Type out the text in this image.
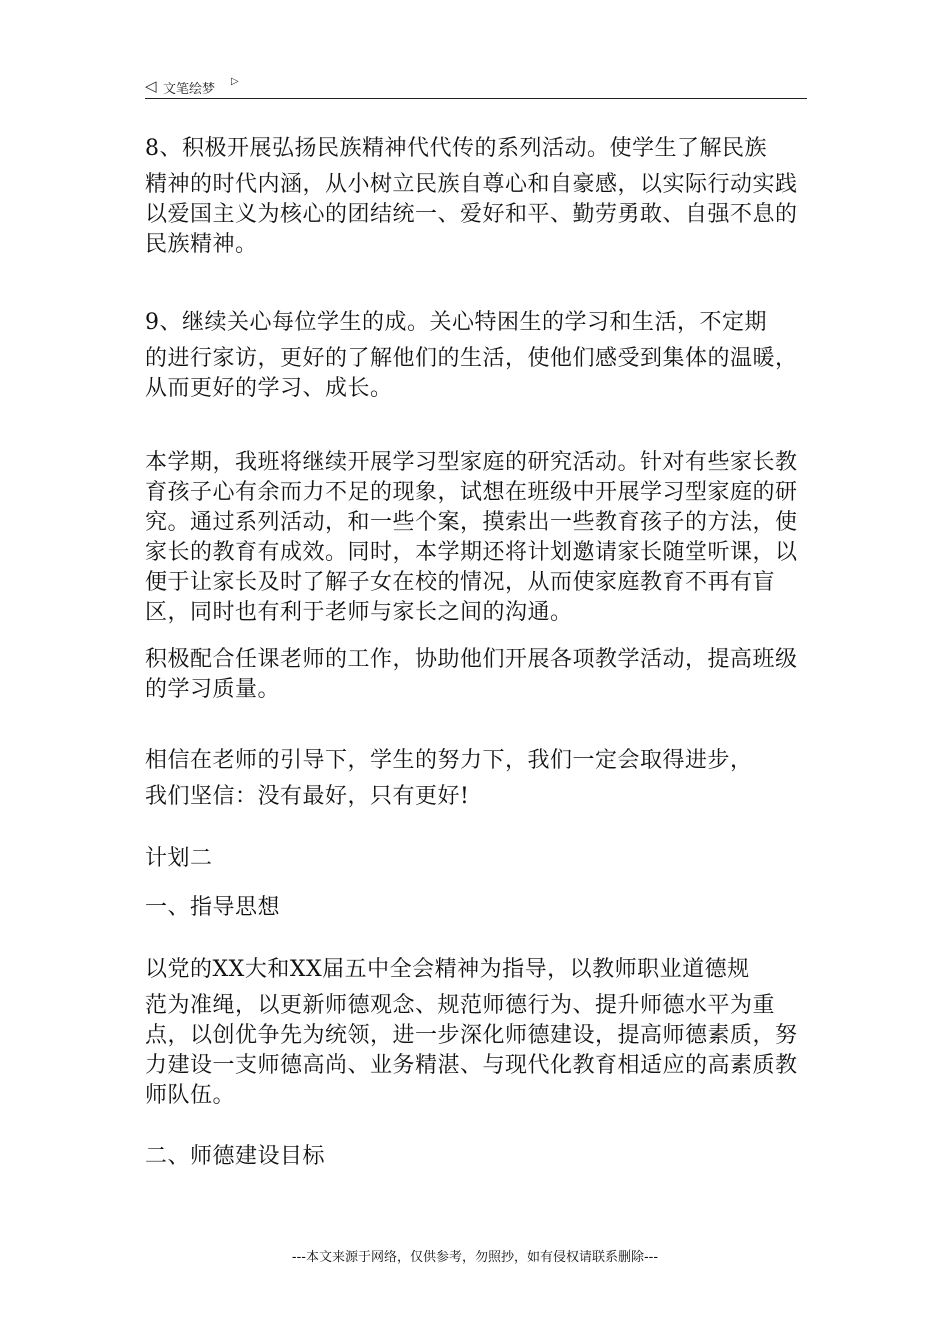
◁ 文笔绘梦
▷

8、积极开展弘扬民族精神代代传的系列活动。使学生了解民族
精神的时代内涵，从小树立民族自尊心和自豪感，以实际行动实践以爱国主义为核心的团结统一、爱好和平、勤劳勇敢、自强不息的民族精神。

9、继续关心每位学生的成。关心特困生的学习和生活，不定期
的进行家访，更好的了解他们的生活，使他们感受到集体的温暖，从而更好的学习、成长。

本学期，我班将继续开展学习型家庭的研究活动。针对有些家长教育孩子心有余而力不足的现象，试想在班级中开展学习型家庭的研究。通过系列活动，和一些个案，摸索出一些教育孩子的方法，使家长的教育有成效。同时，本学期还将计划邀请家长随堂听课，以便于让家长及时了解子女在校的情况，从而使家庭教育不再有盲区，同时也有利于老师与家长之间的沟通。

积极配合任课老师的工作，协助他们开展各项教学活动，提高班级的学习质量。

相信在老师的引导下，学生的努力下，我们一定会取得进步，
我们坚信：没有最好，只有更好!

计划二

一、指导思想

以党的XX大和XX届五中全会精神为指导，以教师职业道德规
范为准绳，以更新师德观念、规范师德行为、提升师德水平为重点，以创优争先为统领，进一步深化师德建设，提高师德素质，努力建设一支师德高尚、业务精湛、与现代化教育相适应的高素质教师队伍。

二、师德建设目标

---本文来源于网络，仅供参考，勿照抄，如有侵权请联系删除---
